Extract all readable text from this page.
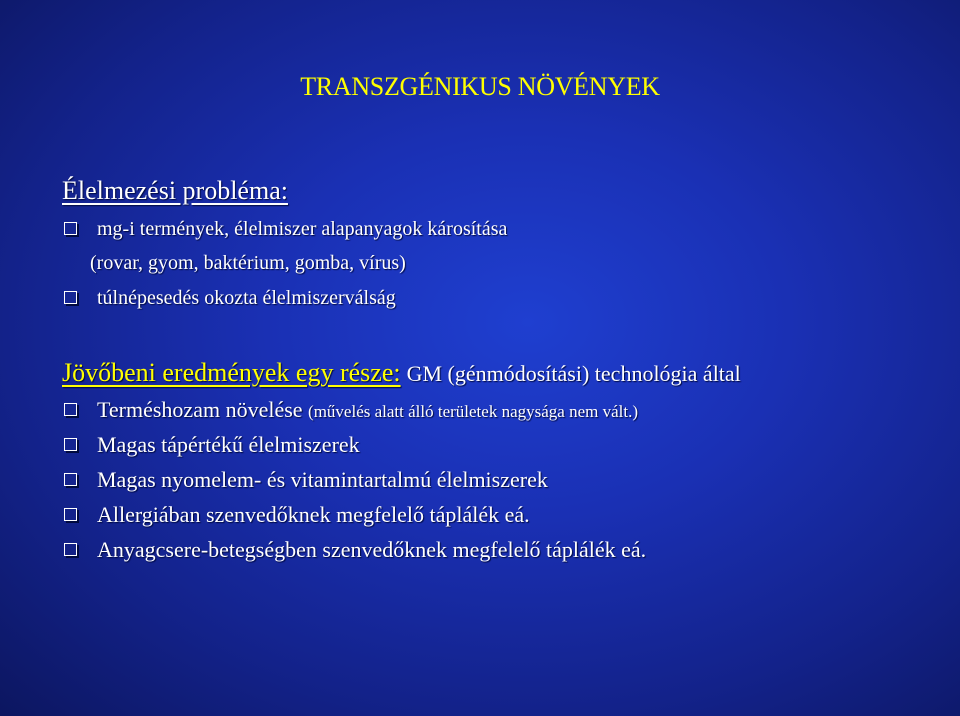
TRANSZGÉNIKUS NÖVÉNYEK
Élelmezési probléma:
mg-i termények, élelmiszer alapanyagok károsítása
(rovar, gyom, baktérium, gomba, vírus)
túlnépesedés okozta élelmiszerválság
Jövőbeni eredmények egy része: GM (génmódosítási) technológia által
Terméshozam növelése (művelés alatt álló területek nagysága nem vált.)
Magas tápértékű élelmiszerek
Magas nyomelem- és vitamintartalmú élelmiszerek
Allergiában szenvedőknek megfelelő táplálék eá.
Anyagcsere-betegségben szenvedőknek megfelelő táplálék eá.
